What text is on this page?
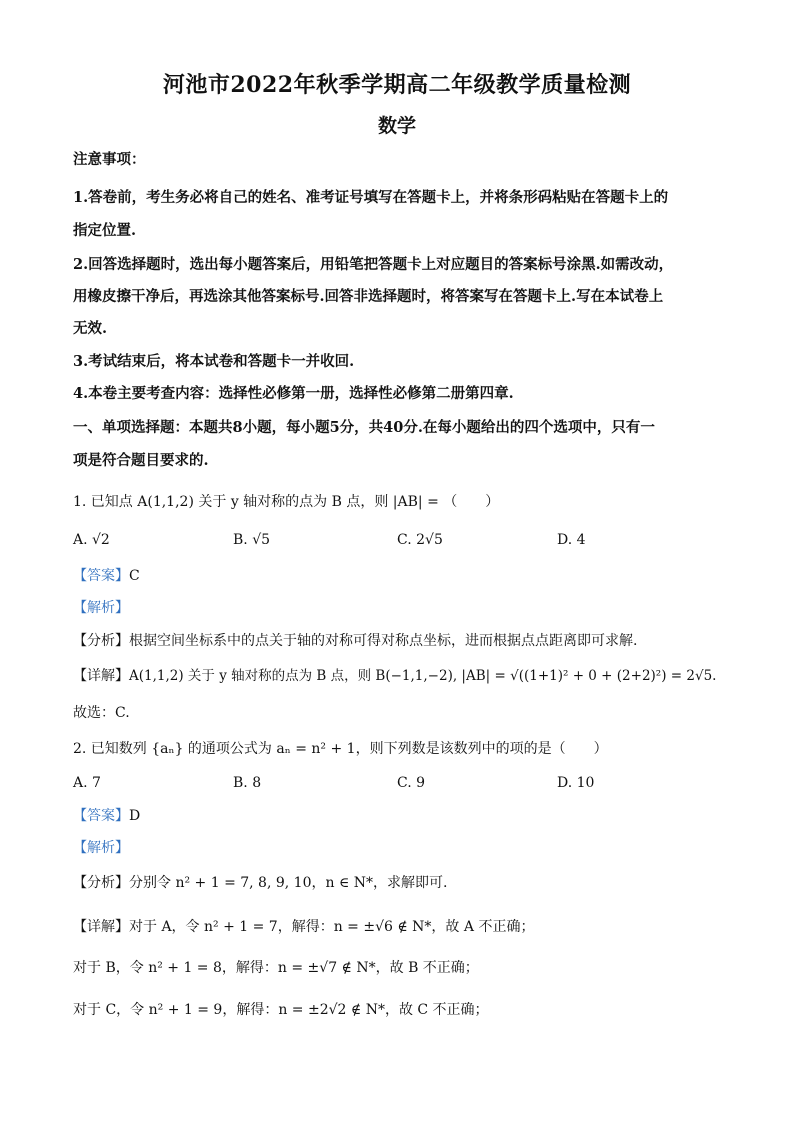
河池市2022年秋季学期高二年级教学质量检测
数学
注意事项：
1.答卷前，考生务必将自己的姓名、准考证号填写在答题卡上，并将条形码粘贴在答题卡上的
指定位置.
2.回答选择题时，选出每小题答案后，用铅笔把答题卡上对应题目的答案标号涂黑.如需改动，
用橡皮擦干净后，再选涂其他答案标号.回答非选择题时，将答案写在答题卡上.写在本试卷上
无效.
3.考试结束后，将本试卷和答题卡一并收回.
4.本卷主要考查内容：选择性必修第一册，选择性必修第二册第四章.
一、单项选择题：本题共8小题，每小题5分，共40分.在每小题给出的四个选项中，只有一
项是符合题目要求的.
1. 已知点 A(1,1,2) 关于 y 轴对称的点为 B 点，则 |AB| = （　　）
A. √2	B. √5	C. 2√5	D. 4
【答案】C
【解析】
【分析】根据空间坐标系中的点关于轴的对称可得对称点坐标，进而根据点点距离即可求解.
【详解】A(1,1,2) 关于 y 轴对称的点为 B 点，则 B(−1,1,−2), |AB| = √((1+1)² + 0 + (2+2)²) = 2√5.
故选：C.
2. 已知数列 {aₙ} 的通项公式为 aₙ = n² + 1，则下列数是该数列中的项的是（　　）
A. 7	B. 8	C. 9	D. 10
【答案】D
【解析】
【分析】分别令 n² + 1 = 7, 8, 9, 10，n ∈ N*，求解即可.
【详解】对于 A，令 n² + 1 = 7，解得：n = ±√6 ∉ N*，故 A 不正确；
对于 B，令 n² + 1 = 8，解得：n = ±√7 ∉ N*，故 B 不正确；
对于 C，令 n² + 1 = 9，解得：n = ±2√2 ∉ N*，故 C 不正确；
